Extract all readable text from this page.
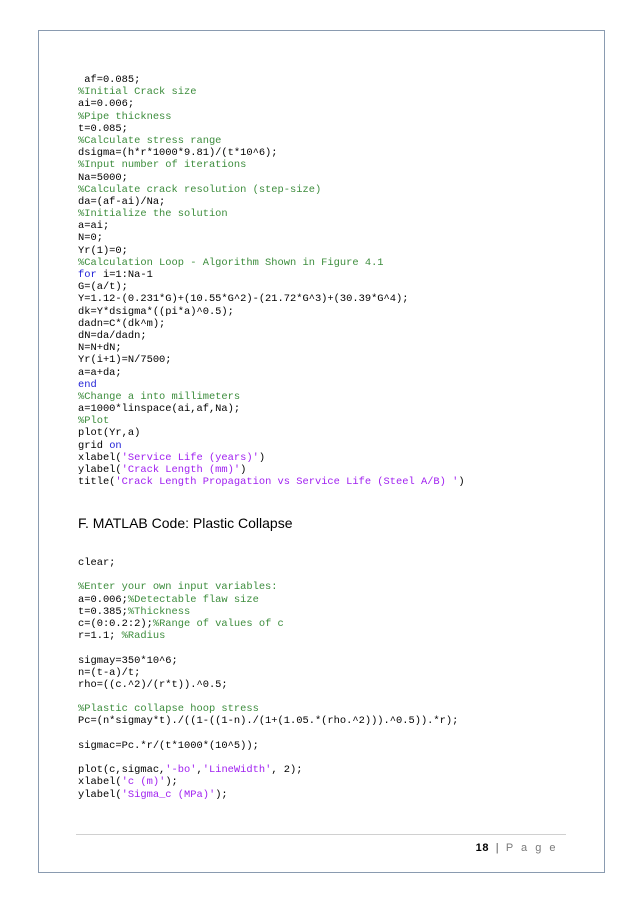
af=0.085;
%Initial Crack size
ai=0.006;
%Pipe thickness
t=0.085;
%Calculate stress range
dsigma=(h*r*1000*9.81)/(t*10^6);
%Input number of iterations
Na=5000;
%Calculate crack resolution (step-size)
da=(af-ai)/Na;
%Initialize the solution
a=ai;
N=0;
Yr(1)=0;
%Calculation Loop - Algorithm Shown in Figure 4.1
for i=1:Na-1
G=(a/t);
Y=1.12-(0.231*G)+(10.55*G^2)-(21.72*G^3)+(30.39*G^4);
dk=Y*dsigma*((pi*a)^0.5);
dadn=C*(dk^m);
dN=da/dadn;
N=N+dN;
Yr(i+1)=N/7500;
a=a+da;
end
%Change a into millimeters
a=1000*linspace(ai,af,Na);
%Plot
plot(Yr,a)
grid on
xlabel('Service Life (years)')
ylabel('Crack Length (mm)')
title('Crack Length Propagation vs Service Life (Steel A/B) ')
F. MATLAB Code: Plastic Collapse
clear;
%Enter your own input variables:
a=0.006;%Detectable flaw size
t=0.385;%Thickness
c=(0:0.2:2);%Range of values of c
r=1.1; %Radius
sigmay=350*10^6;
n=(t-a)/t;
rho=((c.^2)/(r*t)).^0.5;
%Plastic collapse hoop stress
Pc=(n*sigmay*t)./((1-((1-n)./(1+(1.05.*(rho.^2))).^0.5)).*r);
sigmac=Pc.*r/(t*1000*(10^5));
plot(c,sigmac,'-bo','LineWidth', 2);
xlabel('c (m)');
ylabel('Sigma_c (MPa)');
18 | P a g e
